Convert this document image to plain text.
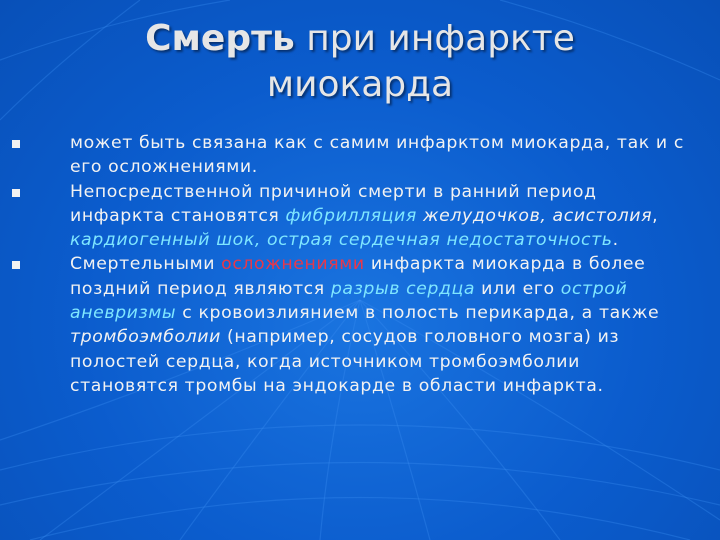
Смерть при инфаркте
миокарда
может быть связана как с самим инфарктом миокарда, так и с его осложнениями.
Непосредственной причиной смерти в ранний период инфаркта становятся фибрилляция желудочков, асистолия, кардиогенный шок, острая сердечная недостаточность.
Смертельными осложнениями инфаркта миокарда в более поздний период являются разрыв сердца или его острой аневризмы с кровоизлиянием в полость перикарда, а также тромбоэмболии (например, сосудов головного мозга) из полостей сердца, когда источником тромбоэмболии становятся тромбы на эндокарде в области инфаркта.
